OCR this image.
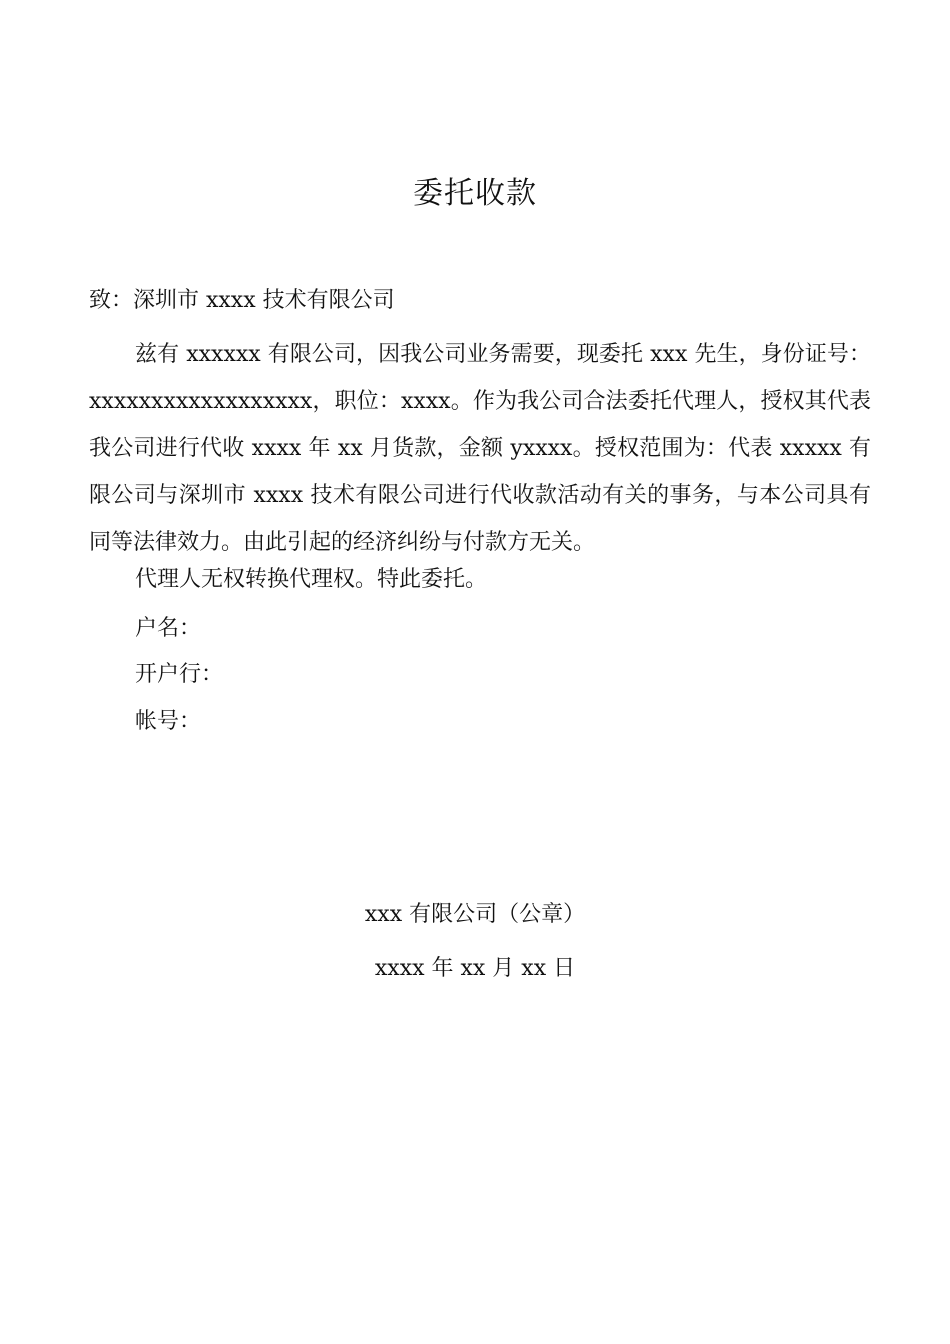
委托收款
致：深圳市 xxxx 技术有限公司
兹有 xxxxxx 有限公司，因我公司业务需要，现委托 xxx 先生，身份证号：xxxxxxxxxxxxxxxxxx，职位：xxxx。作为我公司合法委托代理人，授权其代表我公司进行代收 xxxx 年 xx 月货款，金额 yxxxx。授权范围为：代表 xxxxx 有限公司与深圳市 xxxx 技术有限公司进行代收款活动有关的事务，与本公司具有同等法律效力。由此引起的经济纠纷与付款方无关。
代理人无权转换代理权。特此委托。
户名：
开户行：
帐号：
xxx 有限公司（公章）
xxxx 年 xx 月 xx 日
